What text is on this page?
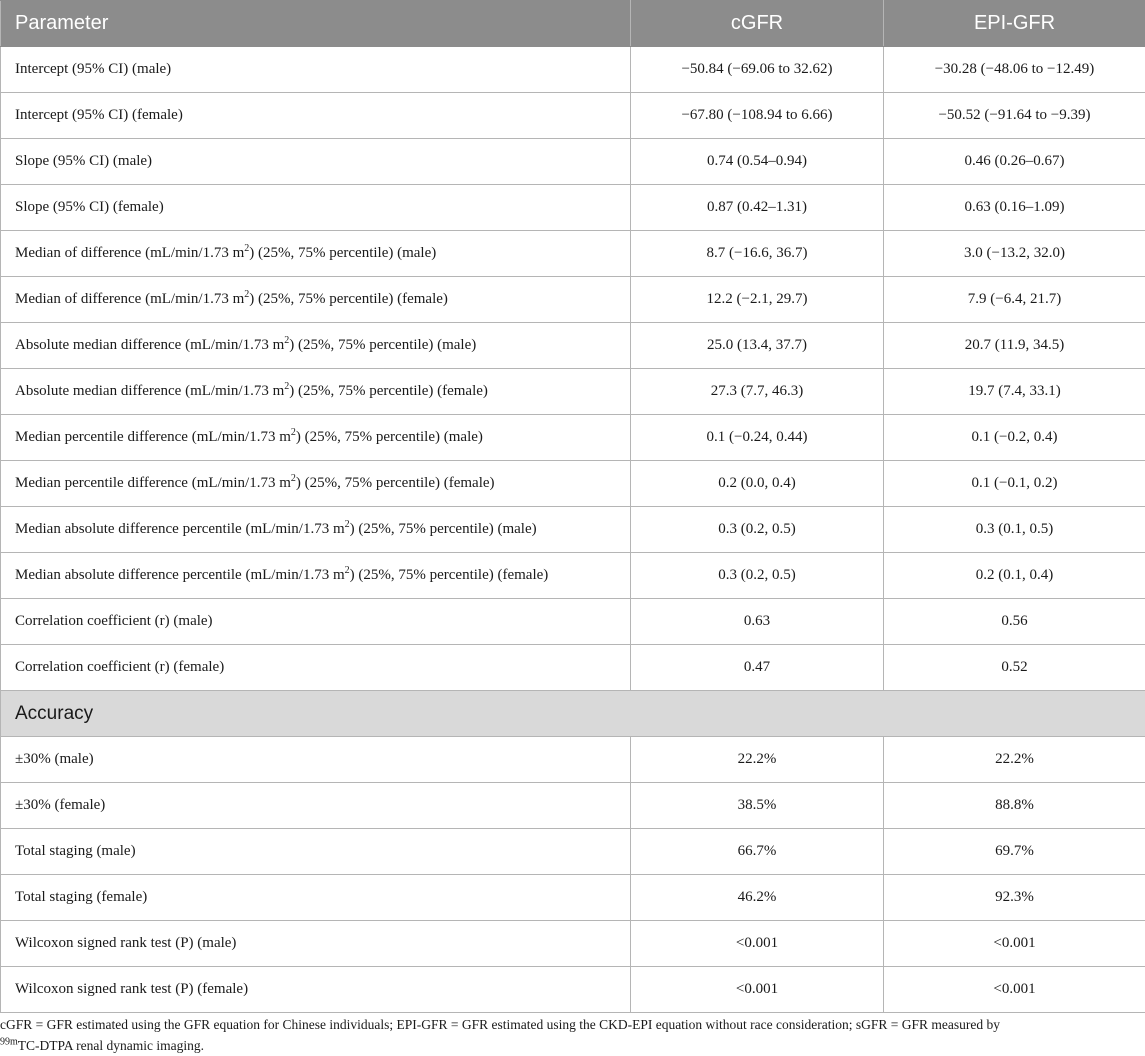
Parameter	cGFR	EPI-GFR
Intercept (95% CI) (male)	−50.84 (−69.06 to 32.62)	−30.28 (−48.06 to −12.49)
Intercept (95% CI) (female)	−67.80 (−108.94 to 6.66)	−50.52 (−91.64 to −9.39)
Slope (95% CI) (male)	0.74 (0.54–0.94)	0.46 (0.26–0.67)
Slope (95% CI) (female)	0.87 (0.42–1.31)	0.63 (0.16–1.09)
Median of difference (mL/min/1.73 $m^2$) (25%, 75% percentile) (male)	8.7 (−16.6, 36.7)	3.0 (−13.2, 32.0)
Median of difference (mL/min/1.73 $m^2$) (25%, 75% percentile) (female)	12.2 (−2.1, 29.7)	7.9 (−6.4, 21.7)
Absolute median difference (mL/min/1.73 $m^2$) (25%, 75% percentile) (male)	25.0 (13.4, 37.7)	20.7 (11.9, 34.5)
Absolute median difference (mL/min/1.73 $m^2$) (25%, 75% percentile) (female)	27.3 (7.7, 46.3)	19.7 (7.4, 33.1)
Median percentile difference (mL/min/1.73 $m^2$) (25%, 75% percentile) (male)	0.1 (−0.24, 0.44)	0.1 (−0.2, 0.4)
Median percentile difference (mL/min/1.73 $m^2$) (25%, 75% percentile) (female)	0.2 (0.0, 0.4)	0.1 (−0.1, 0.2)
Median absolute difference percentile (mL/min/1.73 $m^2$) (25%, 75% percentile) (male)	0.3 (0.2, 0.5)	0.3 (0.1, 0.5)
Median absolute difference percentile (mL/min/1.73 $m^2$) (25%, 75% percentile) (female)	0.3 (0.2, 0.5)	0.2 (0.1, 0.4)
Correlation coefficient (r) (male)	0.63	0.56
Correlation coefficient (r) (female)	0.47	0.52
Accuracy		
±30% (male)	22.2%	22.2%
±30% (female)	38.5%	88.8%
Total staging (male)	66.7%	69.7%
Total staging (female)	46.2%	92.3%
Wilcoxon signed rank test (P) (male)	<0.001	<0.001
Wilcoxon signed rank test (P) (female)	<0.001	<0.001
cGFR = GFR estimated using the GFR equation for Chinese individuals; EPI-GFR = GFR estimated using the CKD-EPI equation without race consideration; sGFR = GFR measured by
$^{99m}$TC-DTPA renal dynamic imaging.
